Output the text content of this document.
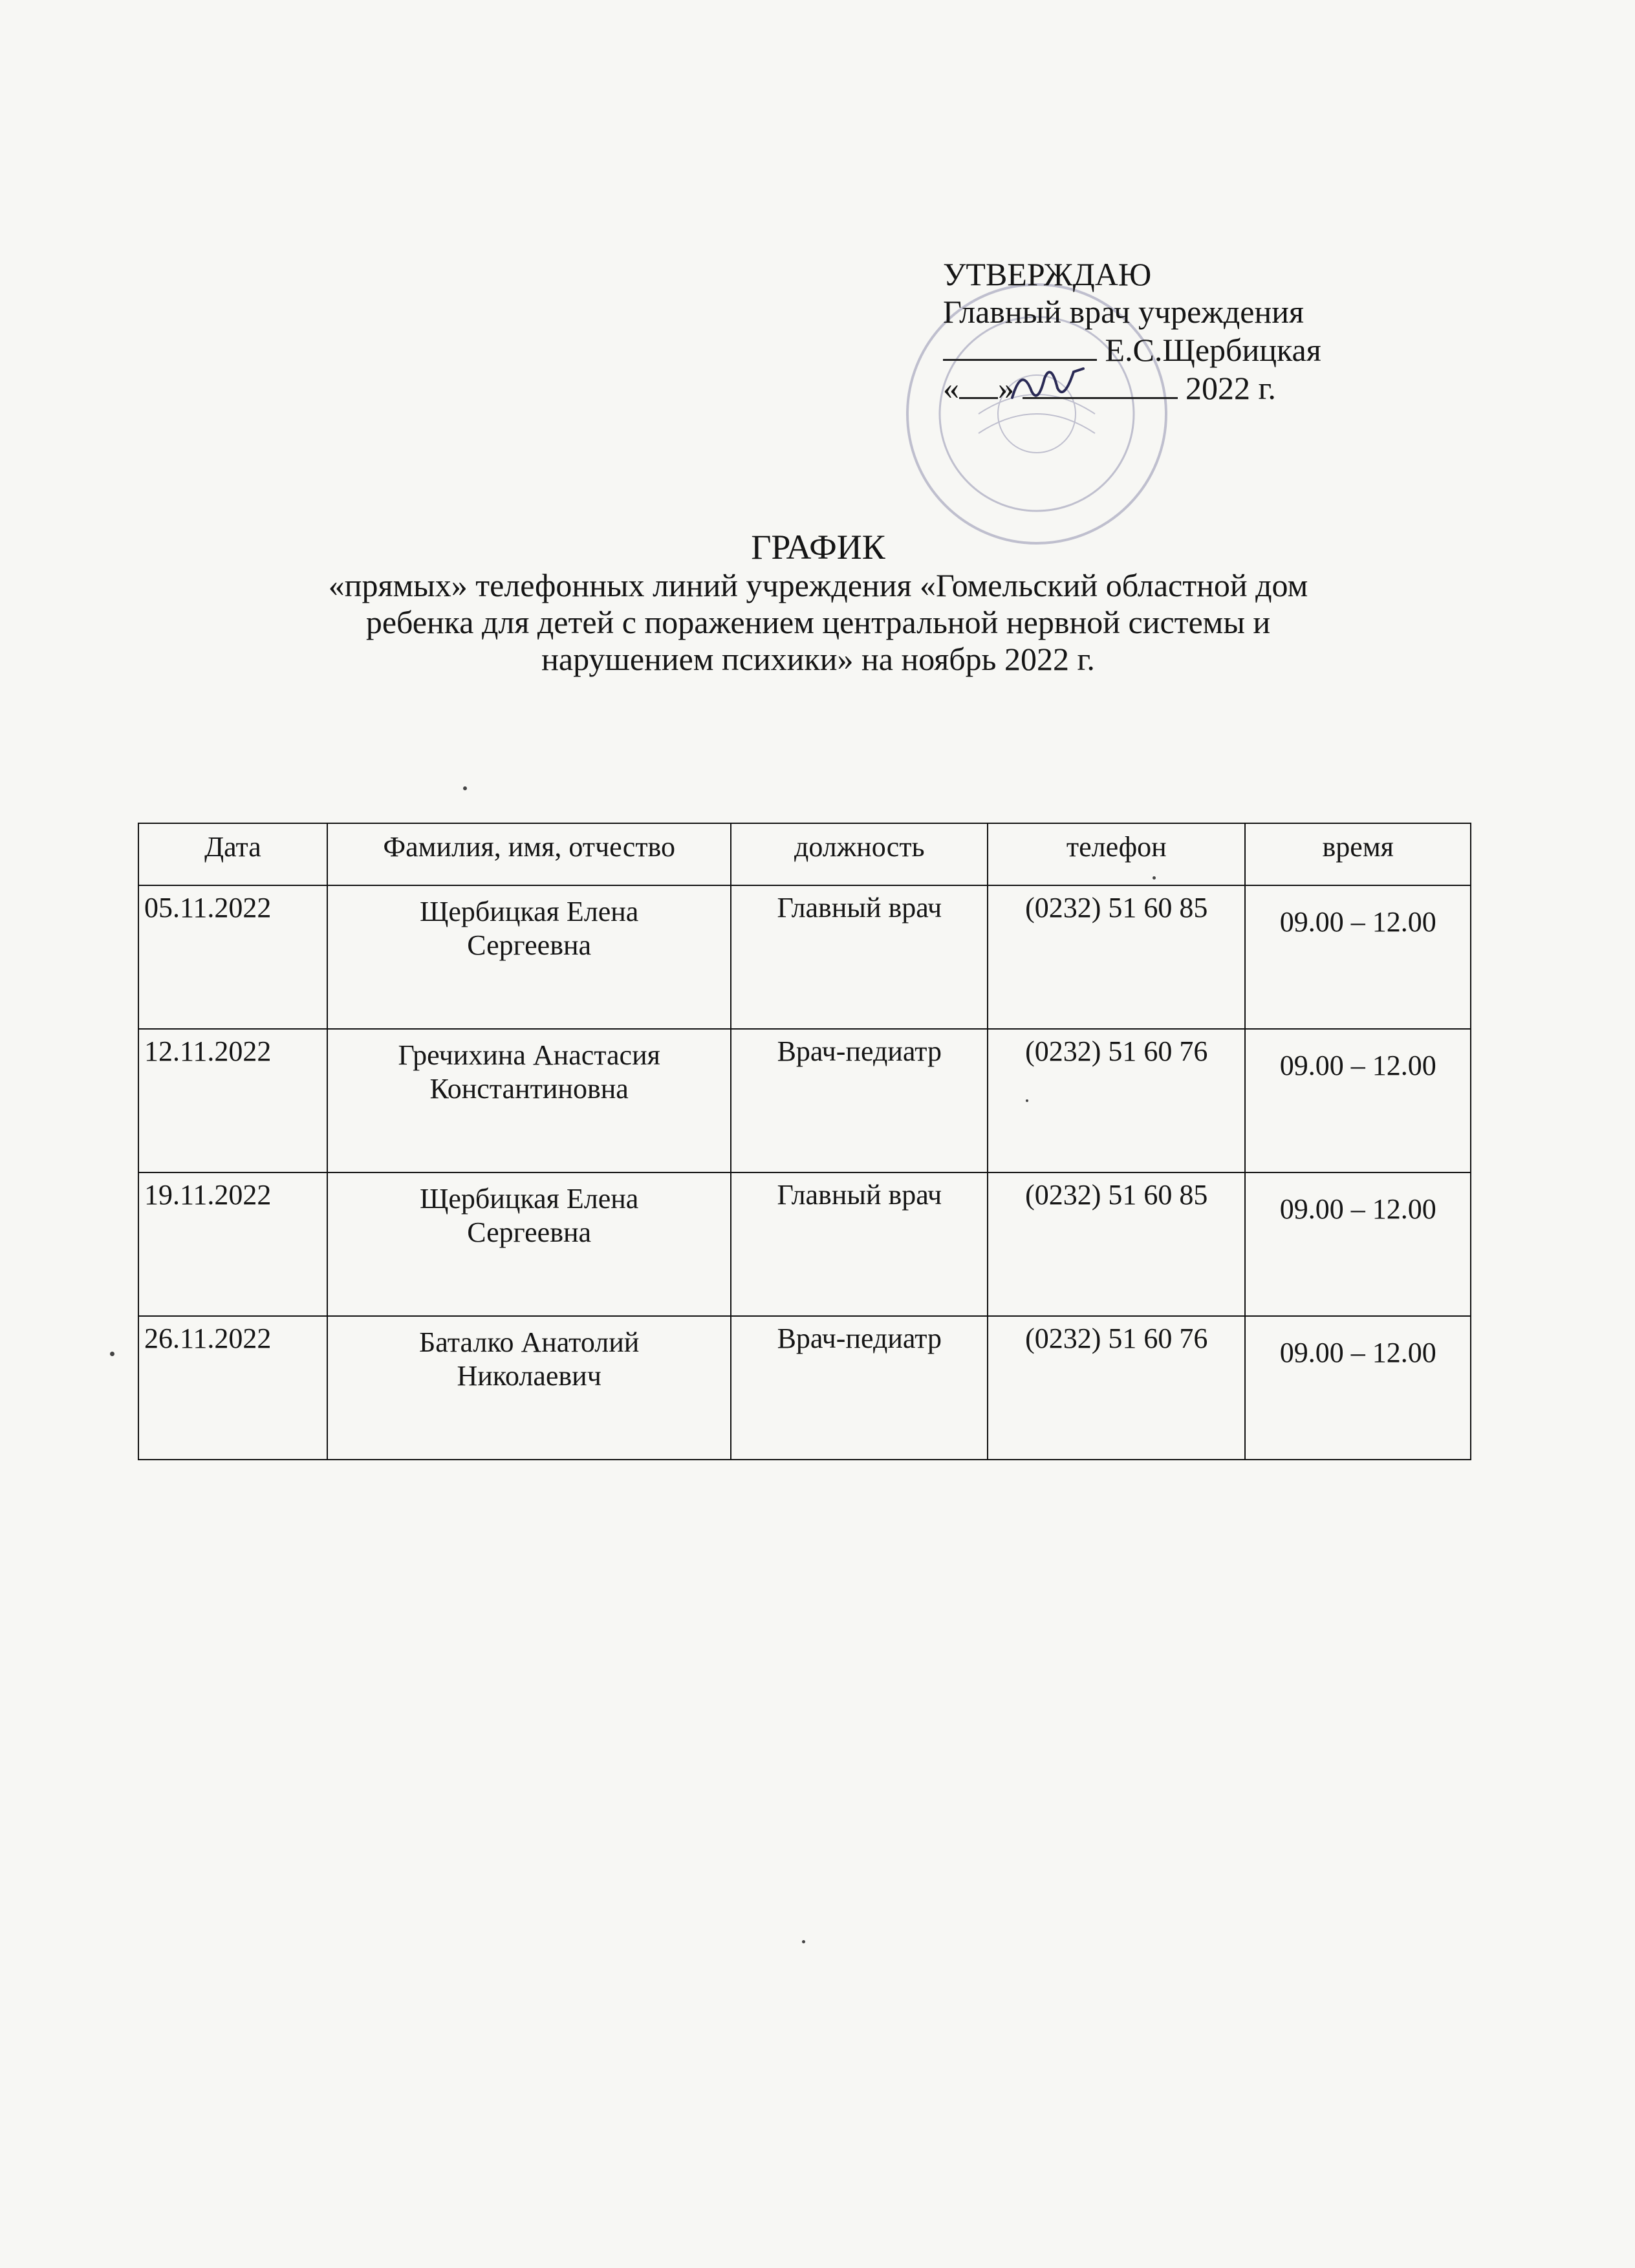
УТВЕРЖДАЮ
Главный врач учреждения
Е.С.Щербицкая
« »	2022 г.
ГРАФИК
«прямых» телефонных линий учреждения «Гомельский областной дом
ребенка для детей с поражением центральной нервной системы и
нарушением психики» на ноябрь 2022 г.
Дата	Фамилия, имя, отчество	должность	телефон	время
05.11.2022	Щербицкая Елена
Сергеевна	Главный врач	(0232) 51 60 85	09.00 – 12.00
12.11.2022	Гречихина Анастасия
Константиновна	Врач-педиатр	(0232) 51 60 76	09.00 – 12.00
19.11.2022	Щербицкая Елена
Сергеевна	Главный врач	(0232) 51 60 85	09.00 – 12.00
26.11.2022	Баталко Анатолий
Николаевич	Врач-педиатр	(0232) 51 60 76	09.00 – 12.00
